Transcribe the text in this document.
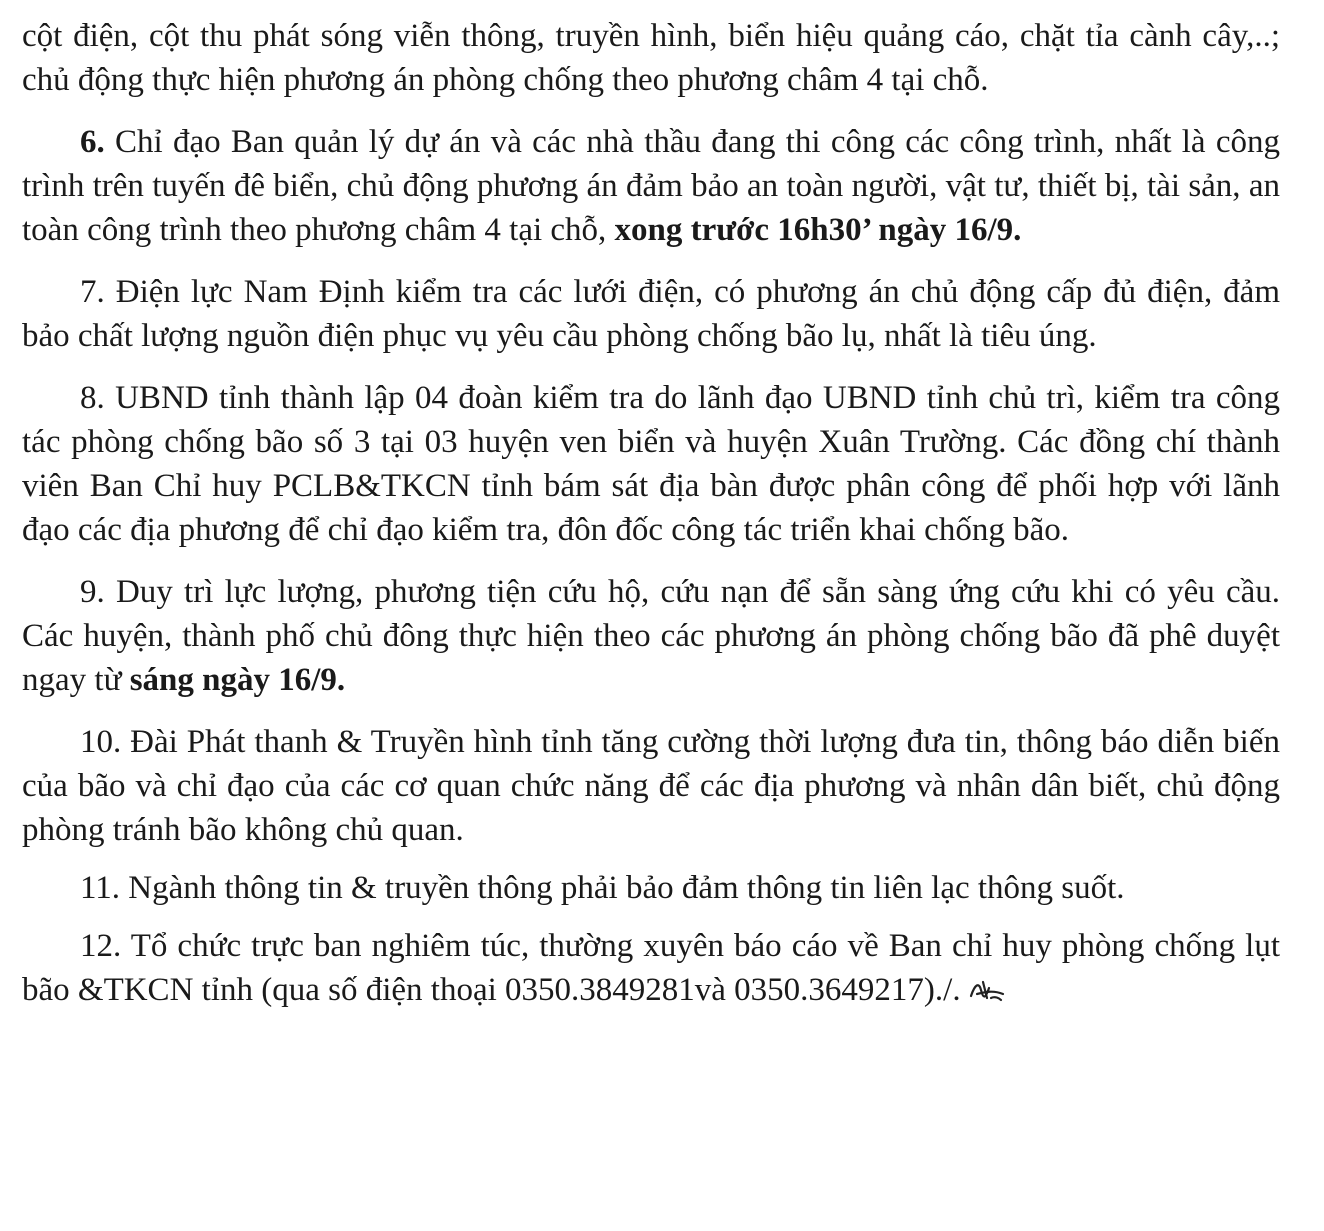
cột điện, cột thu phát sóng viễn thông, truyền hình, biển hiệu quảng cáo, chặt tỉa cành cây,..; chủ động thực hiện phương án phòng chống theo phương châm 4 tại chỗ.

6. Chỉ đạo Ban quản lý dự án và các nhà thầu đang thi công các công trình, nhất là công trình trên tuyến đê biển, chủ động phương án đảm bảo an toàn người, vật tư, thiết bị, tài sản, an toàn công trình theo phương châm 4 tại chỗ, xong trước 16h30’ ngày 16/9.

7. Điện lực Nam Định kiểm tra các lưới điện, có phương án chủ động cấp đủ điện, đảm bảo chất lượng nguồn điện phục vụ yêu cầu phòng chống bão lụ, nhất là tiêu úng.

8. UBND tỉnh thành lập 04 đoàn kiểm tra do lãnh đạo UBND tỉnh chủ trì, kiểm tra công tác phòng chống bão số 3 tại 03 huyện ven biển và huyện Xuân Trường. Các đồng chí thành viên Ban Chỉ huy PCLB&TKCN tỉnh bám sát địa bàn được phân công để phối hợp với lãnh đạo các địa phương để chỉ đạo kiểm tra, đôn đốc công tác triển khai chống bão.

9. Duy trì lực lượng, phương tiện cứu hộ, cứu nạn để sẵn sàng ứng cứu khi có yêu cầu. Các huyện, thành phố chủ đông thực hiện theo các phương án phòng chống bão đã phê duyệt ngay từ sáng ngày 16/9.

10. Đài Phát thanh & Truyền hình tỉnh tăng cường thời lượng đưa tin, thông báo diễn biến của bão và chỉ đạo của các cơ quan chức năng để các địa phương và nhân dân biết, chủ động phòng tránh bão không chủ quan.

11. Ngành thông tin & truyền thông phải bảo đảm thông tin liên lạc thông suốt.

12. Tổ chức trực ban nghiêm túc, thường xuyên báo cáo về Ban chỉ huy phòng chống lụt bão &TKCN tỉnh (qua số điện thoại 0350.3849281và 0350.3649217)./.
